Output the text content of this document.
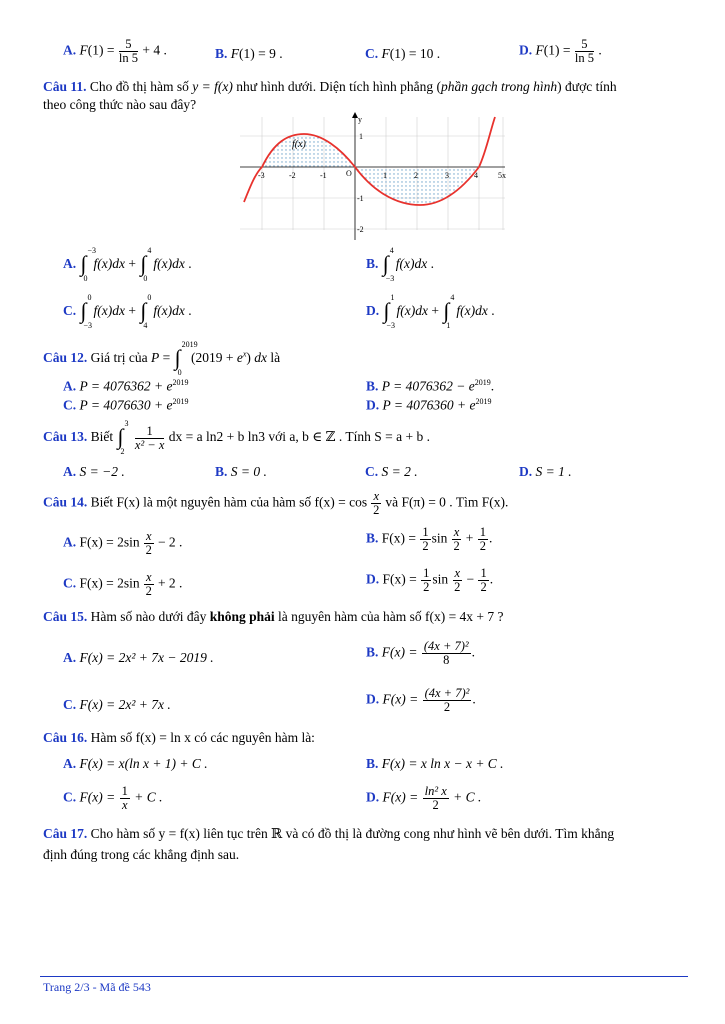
A. $F(1) = \frac{5}{\ln 5} + 4$ .	B. F(1) = 9 .	C. F(1) = 10 .	D. $F(1) = \frac{5}{\ln 5}$ .
Câu 11. Cho đồ thị hàm số y = f(x) như hình dưới. Diện tích hình phẳng (phần gạch trong hình) được tính
theo công thức nào sau đây?
y
x
f(x)
-3	-2	-1	1	2	3	4	5
1
-1
-2
O
A. ∫
−3
0
f(x)dx + ∫
4
0
f(x)dx .	B. ∫
4
−3
f(x)dx .
C. ∫
0
−3
f(x)dx + ∫
0
4
f(x)dx .	D. ∫
1
−3
f(x)dx + ∫
4
1
f(x)dx .
Câu 12. Giá trị của P = ∫
2019
0
$(2019 + e^x)$ dx là
A. $P = 4076362 + e^{2019}$	B. $P = 4076362 - e^{2019}$.
C. $P = 4076630 + e^{2019}$	D. $P = 4076360 + e^{2019}$
Câu 13. Biết ∫
3
2
$\frac{1}{\text{x² − x}}$ dx = a ln2 + b ln3 với a, b ∈ ℤ . Tính S = a + b .
A. S = −2 .	B. S = 0 .	C. S = 2 .	D. S = 1 .
Câu 14. Biết F(x) là một nguyên hàm của hàm số $f(x) = \cos \frac{x}{2}$ và F(π) = 0 . Tìm F(x).
A. $F(x) = 2\sin \frac{x}{2} - 2$ .	B. $F(x) = \frac{1}{2}$ $\sin \frac{x}{2} + \frac{1}{2}$ .
C. $F(x) = 2\sin \frac{x}{2} + 2$ .	D. $F(x) = \frac{1}{2}$ $\sin \frac{x}{2} - \frac{1}{2}$ .
Câu 15. Hàm số nào dưới đây không phải là nguyên hàm của hàm số f(x) = 4x + 7 ?
A. F(x) = 2x² + 7x − 2019 .	B. $F(x) = \frac{\text{(4x + 7)²}}{8}$ .
C. F(x) = 2x² + 7x .	D. $F(x) = \frac{\text{(4x + 7)²}}{2}$ .
Câu 16. Hàm số f(x) = ln x có các nguyên hàm là:
A. F(x) = x(ln x + 1) + C .	B. F(x) = x ln x − x + C .
C. $F(x) = \frac{1}{x} + C$ .	D. $F(x) = \frac{\text{ln² x}}{2} + C$ .
Câu 17. Cho hàm số y = f(x) liên tục trên ℝ và có đồ thị là đường cong như hình vẽ bên dưới. Tìm khẳng
định đúng trong các khẳng định sau.
Trang 2/3 - Mã đề 543
